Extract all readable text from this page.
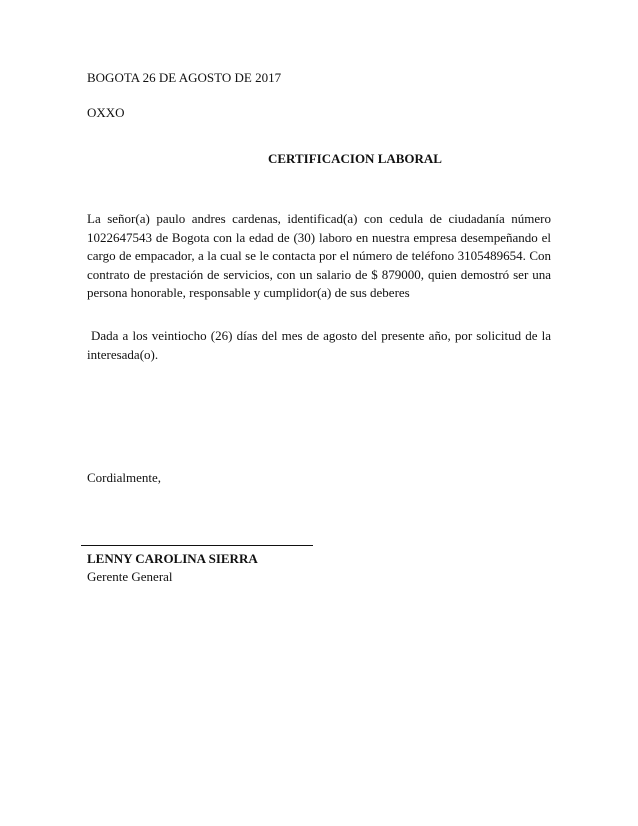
BOGOTA 26 DE AGOSTO DE 2017
OXXO
CERTIFICACION LABORAL

La señor(a) paulo andres cardenas, identificad(a) con cedula de ciudadanía número 1022647543 de Bogota con la edad de (30) laboro en nuestra empresa desempeñando el cargo de empacador, a la cual se le contacta por el número de teléfono 3105489654. Con contrato de prestación de servicios, con un salario de $ 879000, quien demostró ser una persona honorable, responsable y cumplidor(a) de sus deberes

Dada a los veintiocho (26) días del mes de agosto del presente año, por solicitud de la interesada(o).

Cordialmente,
LENNY CAROLINA SIERRA
Gerente General
